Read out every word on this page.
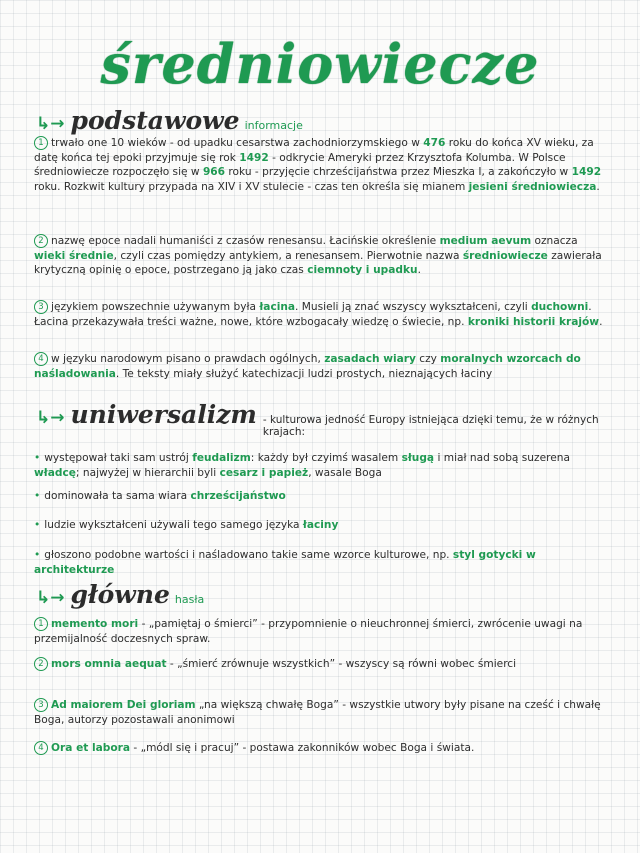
średniowiecze
↳→ podstawowe informacje
1 trwało one 10 wieków - od upadku cesarstwa zachodniorzymskiego w 476 roku do końca XV wieku, za datę końca tej epoki przyjmuje się rok 1492 - odkrycie Ameryki przez Krzysztofa Kolumba. W Polsce średniowiecze rozpoczęło się w 966 roku - przyjęcie chrześcijaństwa przez Mieszka I, a zakończyło w 1492 roku. Rozkwit kultury przypada na XIV i XV stulecie - czas ten określa się mianem jesieni średniowiecza.
2 nazwę epoce nadali humaniści z czasów renesansu. Łacińskie określenie medium aevum oznacza wieki średnie, czyli czas pomiędzy antykiem, a renesansem. Pierwotnie nazwa średniowiecze zawierała krytyczną opinię o epoce, postrzegano ją jako czas ciemnoty i upadku.
3 językiem powszechnie używanym była łacina. Musieli ją znać wszyscy wykształceni, czyli duchowni. Łacina przekazywała treści ważne, nowe, które wzbogacały wiedzę o świecie, np. kroniki historii krajów.
4 w języku narodowym pisano o prawdach ogólnych, zasadach wiary czy moralnych wzorcach do naśladowania. Te teksty miały służyć katechizacji ludzi prostych, nieznających łaciny
↳→ uniwersalizm - kulturowa jedność Europy istniejąca dzięki temu, że w różnych krajach:
• występował taki sam ustrój feudalizm: każdy był czyimś wasalem sługą i miał nad sobą suzerena władcę; najwyżej w hierarchii byli cesarz i papież, wasale Boga
• dominowała ta sama wiara chrześcijaństwo
• ludzie wykształceni używali tego samego języka łaciny
• głoszono podobne wartości i naśladowano takie same wzorce kulturowe, np. styl gotycki w architekturze
↳→ główne hasła
1 memento mori - „pamiętaj o śmierci” - przypomnienie o nieuchronnej śmierci, zwrócenie uwagi na przemijalność doczesnych spraw.
2 mors omnia aequat - „śmierć zrównuje wszystkich” - wszyscy są równi wobec śmierci
3 Ad maiorem Dei gloriam „na większą chwałę Boga” - wszystkie utwory były pisane na cześć i chwałę Boga, autorzy pozostawali anonimowi
4 Ora et labora - „módl się i pracuj” - postawa zakonników wobec Boga i świata.
